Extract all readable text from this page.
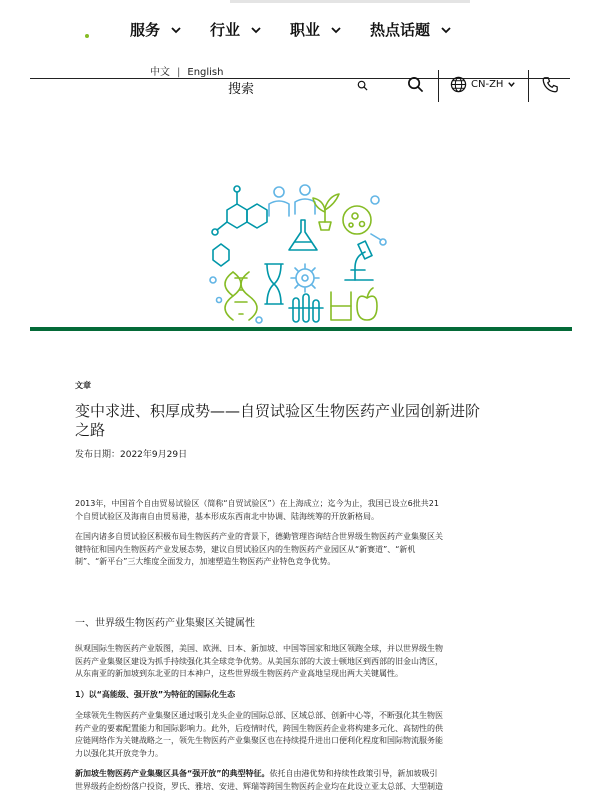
服务	行业	职业	热点话题
中文 | English
搜索	CN-ZH
文章
变中求进、积厚成势——自贸试验区生物医药产业园创新进阶
之路
发布日期：2022年9月29日

2013年，中国首个自由贸易试验区（简称“自贸试验区”）在上海成立；迄今为止，我国已设立6批共21

个自贸试验区及海南自由贸易港，基本形成东西南北中协调、陆海统筹的开放新格局。

在国内诸多自贸试验区积极布局生物医药产业的背景下，德勤管理咨询结合世界级生物医药产业集聚区关

键特征和国内生物医药产业发展态势，建议自贸试验区内的生物医药产业园区从“新赛道”、“新机

制”、“新平台”三大维度全面发力，加速塑造生物医药产业特色竞争优势。

一、世界级生物医药产业集聚区关键属性

纵观国际生物医药产业版图，美国、欧洲、日本、新加坡、中国等国家和地区领跑全球，并以世界级生物

医药产业集聚区建设为抓手持续强化其全球竞争优势。从美国东部的大波士顿地区到西部的旧金山湾区，

从东南亚的新加坡到东北亚的日本神户，这些世界级生物医药产业高地呈现出两大关键属性。

1）以“高能级、强开放”为特征的国际化生态

全球领先生物医药产业集聚区通过吸引龙头企业的国际总部、区域总部、创新中心等，不断强化其生物医

药产业的要素配置能力和国际影响力。此外，后疫情时代，跨国生物医药企业将构建多元化、高韧性的供

应链网络作为关键战略之一，领先生物医药产业集聚区也在持续提升进出口便利化程度和国际物流服务能

力以强化其开放竞争力。

新加坡生物医药产业集聚区具备“强开放”的典型特征。依托自由港优势和持续性政策引导，新加坡吸引

世界级药企纷纷落户投资，罗氏、雅培、安进、辉瑞等跨国生物医药企业均在此设立亚太总部、大型制造
